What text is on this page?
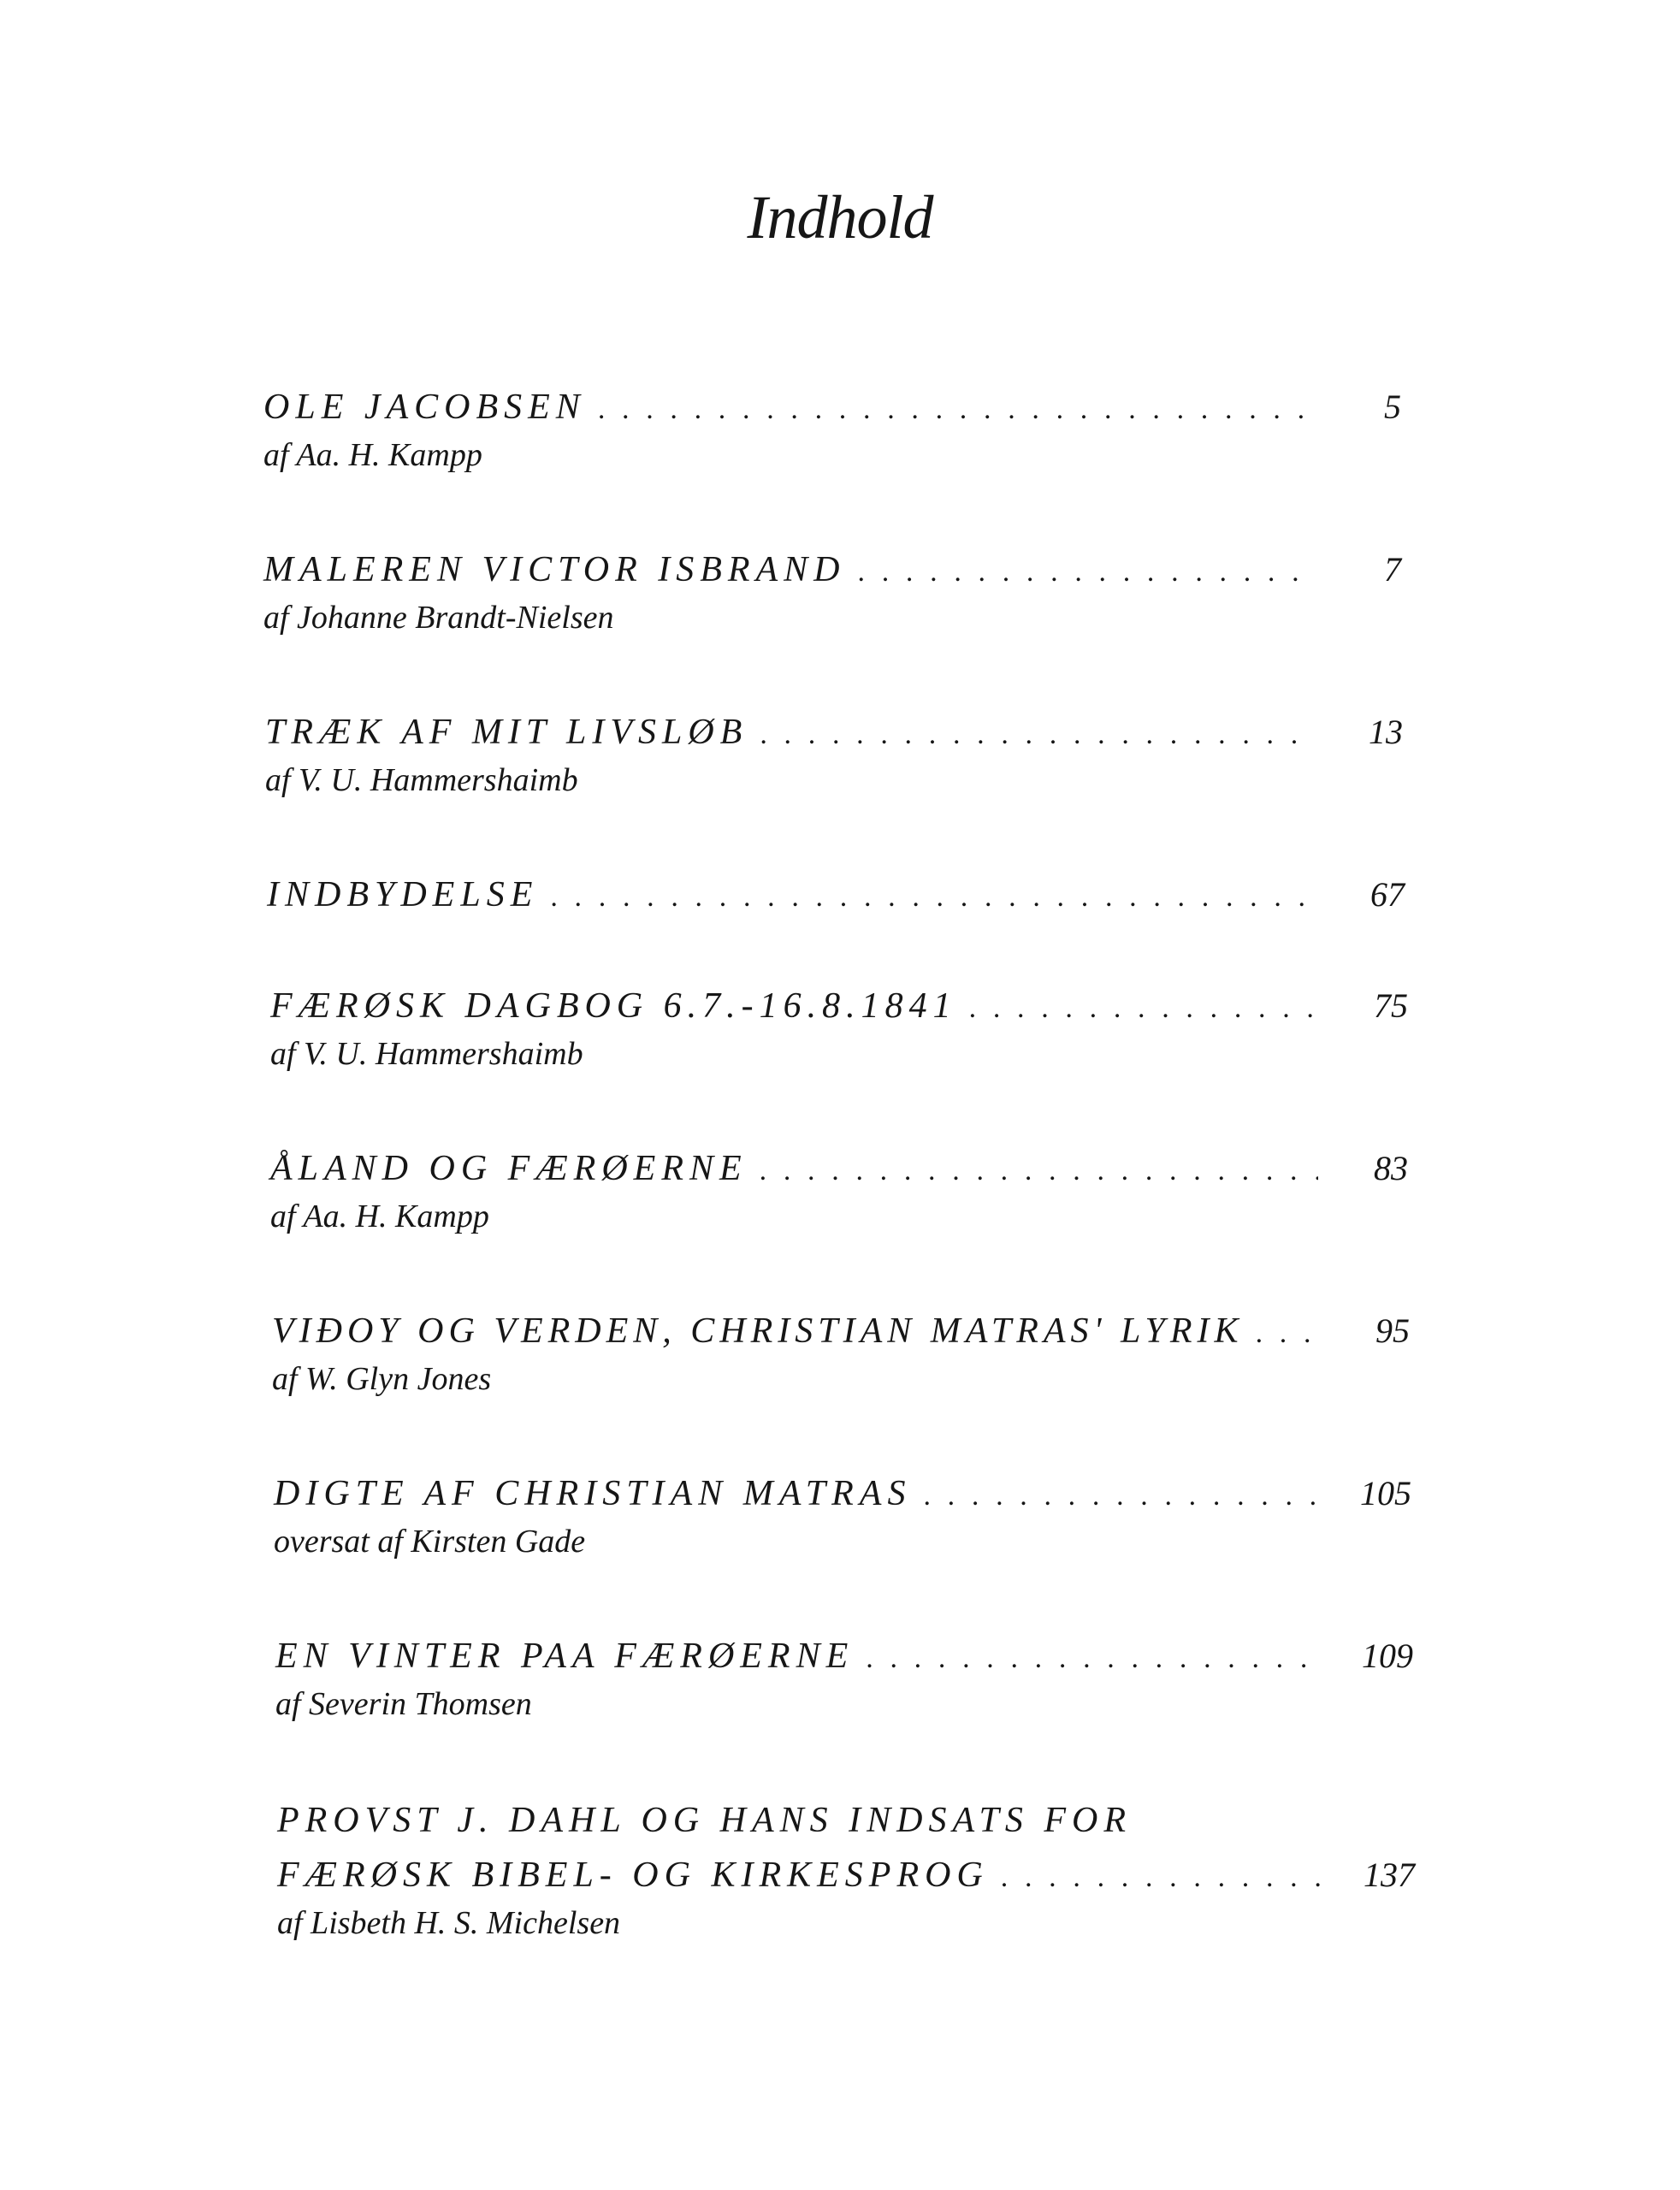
Indhold
OLE JACOBSEN . . .	5
af Aa. H. Kampp
MALEREN VICTOR ISBRAND . . .	7
af Johanne Brandt-Nielsen
TRÆK AF MIT LIVSLØB . . .	13
af V. U. Hammershaimb
INDBYDELSE . . .	67
FÆRØSK DAGBOG 6.7.-16.8.1841 . . .	75
af V. U. Hammershaimb
ÅLAND OG FÆRØERNE . . .	83
af Aa. H. Kampp
VIÐOY OG VERDEN, CHRISTIAN MATRAS' LYRIK . . .	95
af W. Glyn Jones
DIGTE AF CHRISTIAN MATRAS . . .	105
oversat af Kirsten Gade
EN VINTER PAA FÆRØERNE . . .	109
af Severin Thomsen
PROVST J. DAHL OG HANS INDSATS FOR
FÆRØSK BIBEL- OG KIRKESPROG . . .	137
af Lisbeth H. S. Michelsen
